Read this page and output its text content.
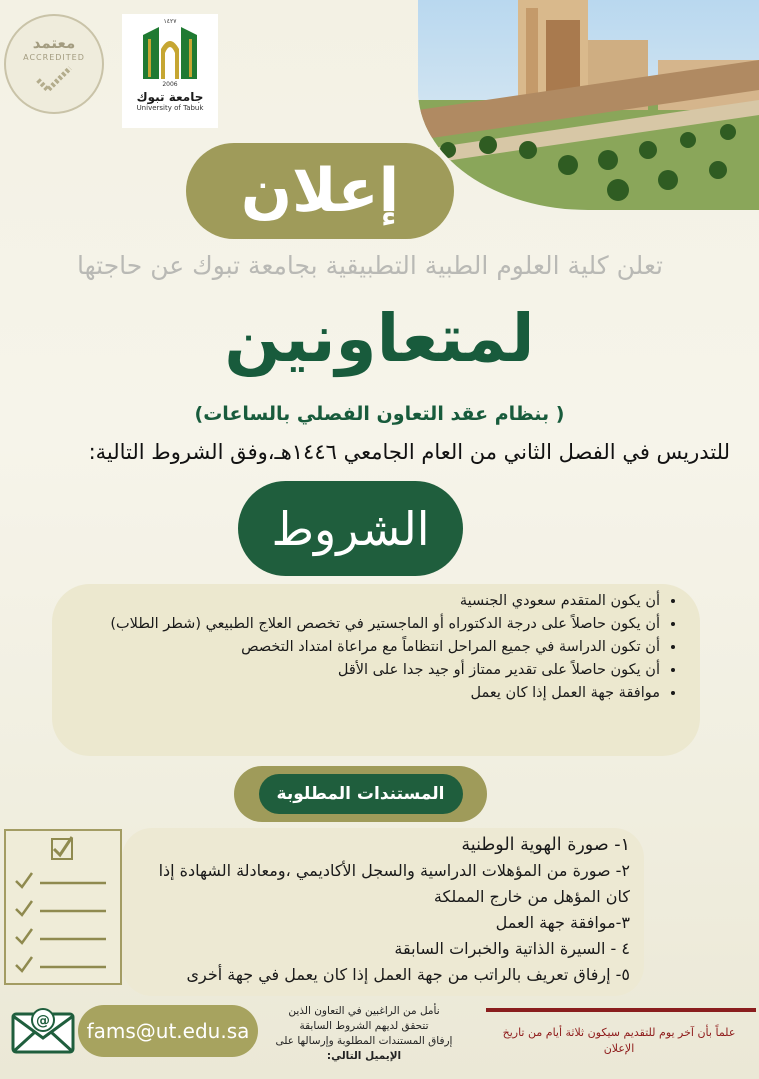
معتمد
ACCREDITED
١٤٢٧
2006
جامعة تبوك
University of Tabuk
إعلان
تعلن كلية العلوم الطبية التطبيقية بجامعة تبوك عن حاجتها
لمتعاونين
( بنظام عقد التعاون الفصلي بالساعات)
للتدريس في الفصل الثاني من العام الجامعي ١٤٤٦هـ،وفق الشروط التالية:
الشروط
• أن يكون المتقدم سعودي الجنسية
• أن يكون حاصلاً على درجة الدكتوراه أو الماجستير في تخصص العلاج الطبيعي (شطر الطلاب)
• أن تكون الدراسة في جميع المراحل انتظاماً مع مراعاة امتداد التخصص
• أن يكون حاصلاً على تقدير ممتاز أو جيد جدا على الأقل
• موافقة جهة العمل إذا كان يعمل
المستندات المطلوبة

١- صورة الهوية الوطنية

٢- صورة من المؤهلات الدراسية والسجل الأكاديمي ،ومعادلة الشهادة إذا كان المؤهل من خارج المملكة

٣-موافقة جهة العمل

٤ - السيرة الذاتية والخبرات السابقة

٥- إرفاق تعريف بالراتب من جهة العمل إذا كان يعمل في جهة أخرى

@ fams@ut.edu.sa
نأمل من الراغبين في التعاون الذين
تتحقق لديهم الشروط السابقة
إرفاق المستندات المطلوبة وإرسالها على
الإيميل التالي:
علماً بأن آخر يوم للتقديم سيكون ثلاثة أيام من تاريخ الإعلان
